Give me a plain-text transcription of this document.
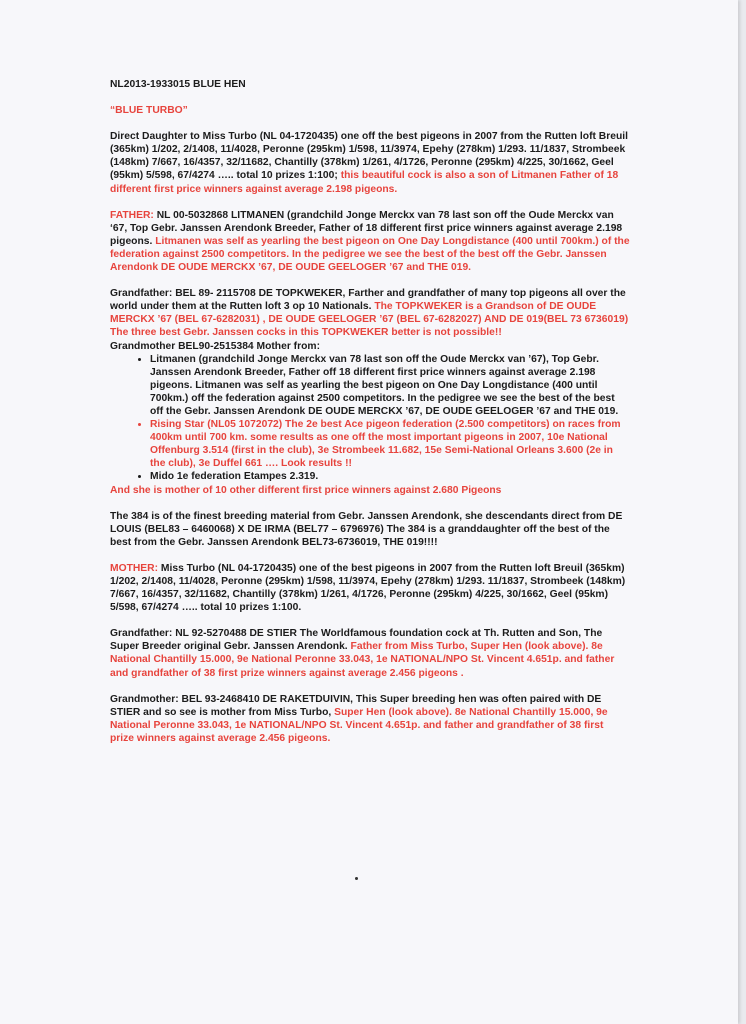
NL2013-1933015 BLUE HEN

“BLUE TURBO”

Direct Daughter to Miss Turbo (NL 04-1720435) one off the best pigeons in 2007 from the Rutten loft Breuil (365km) 1/202, 2/1408, 11/4028, Peronne (295km) 1/598, 11/3974, Epehy (278km) 1/293. 11/1837, Strombeek (148km) 7/667, 16/4357, 32/11682, Chantilly (378km) 1/261, 4/1726, Peronne (295km) 4/225, 30/1662, Geel (95km) 5/598, 67/4274 ….. total 10 prizes 1:100; this beautiful cock is also a son of Litmanen Father of 18 different first price winners against average 2.198 pigeons.

FATHER: NL 00-5032868 LITMANEN (grandchild Jonge Merckx van 78 last son off the Oude Merckx van ‘67, Top Gebr. Janssen Arendonk Breeder, Father of 18 different first price winners against average 2.198 pigeons. Litmanen was self as yearling the best pigeon on One Day Longdistance (400 until 700km.) of the federation against 2500 competitors. In the pedigree we see the best of the best off the Gebr. Janssen Arendonk DE OUDE MERCKX ’67, DE OUDE GEELOGER ’67 and THE 019.

Grandfather: BEL 89- 2115708 DE TOPKWEKER, Farther and grandfather of many top pigeons all over the world under them at the Rutten loft 3 op 10 Nationals. The TOPKWEKER is a Grandson of DE OUDE MERCKX ’67 (BEL 67-6282031) , DE OUDE GEELOGER ’67 (BEL 67-6282027) AND DE 019(BEL 73 6736019) The three best Gebr. Janssen cocks in this TOPKWEKER better is not possible!!

Grandmother BEL90-2515384 Mother from:

• Litmanen (grandchild Jonge Merckx van 78 last son off the Oude Merckx van ’67), Top Gebr. Janssen Arendonk Breeder, Father off 18 different first price winners against average 2.198 pigeons. Litmanen was self as yearling the best pigeon on One Day Longdistance (400 until 700km.) off the federation against 2500 competitors. In the pedigree we see the best of the best off the Gebr. Janssen Arendonk DE OUDE MERCKX ’67, DE OUDE GEELOGER ’67 and THE 019.
• Rising Star (NL05 1072072) The 2e best Ace pigeon federation (2.500 competitors) on races from 400km until 700 km. some results as one off the most important pigeons in 2007, 10e National Offenburg 3.514 (first in the club), 3e Strombeek 11.682, 15e Semi-National Orleans 3.600 (2e in the club), 3e Duffel 661 …. Look results !!
• Mido 1e federation Etampes 2.319.

And she is mother of 10 other different first price winners against 2.680 Pigeons

The 384 is of the finest breeding material from Gebr. Janssen Arendonk, she descendants direct from DE LOUIS (BEL83 – 6460068) X DE IRMA (BEL77 – 6796976) The 384 is a granddaughter off the best of the best from the Gebr. Janssen Arendonk BEL73-6736019, THE 019!!!!

MOTHER: Miss Turbo (NL 04-1720435) one of the best pigeons in 2007 from the Rutten loft Breuil (365km) 1/202, 2/1408, 11/4028, Peronne (295km) 1/598, 11/3974, Epehy (278km) 1/293. 11/1837, Strombeek (148km) 7/667, 16/4357, 32/11682, Chantilly (378km) 1/261, 4/1726, Peronne (295km) 4/225, 30/1662, Geel (95km) 5/598, 67/4274 ….. total 10 prizes 1:100.

Grandfather: NL 92-5270488 DE STIER The Worldfamous foundation cock at Th. Rutten and Son, The Super Breeder original Gebr. Janssen Arendonk. Father from Miss Turbo, Super Hen (look above). 8e National Chantilly 15.000, 9e National Peronne 33.043, 1e NATIONAL/NPO St. Vincent 4.651p. and father and grandfather of 38 first prize winners against average 2.456 pigeons .

Grandmother: BEL 93-2468410 DE RAKETDUIVIN, This Super breeding hen was often paired with DE STIER and so see is mother from Miss Turbo, Super Hen (look above). 8e National Chantilly 15.000, 9e National Peronne 33.043, 1e NATIONAL/NPO St. Vincent 4.651p. and father and grandfather of 38 first prize winners against average 2.456 pigeons.
